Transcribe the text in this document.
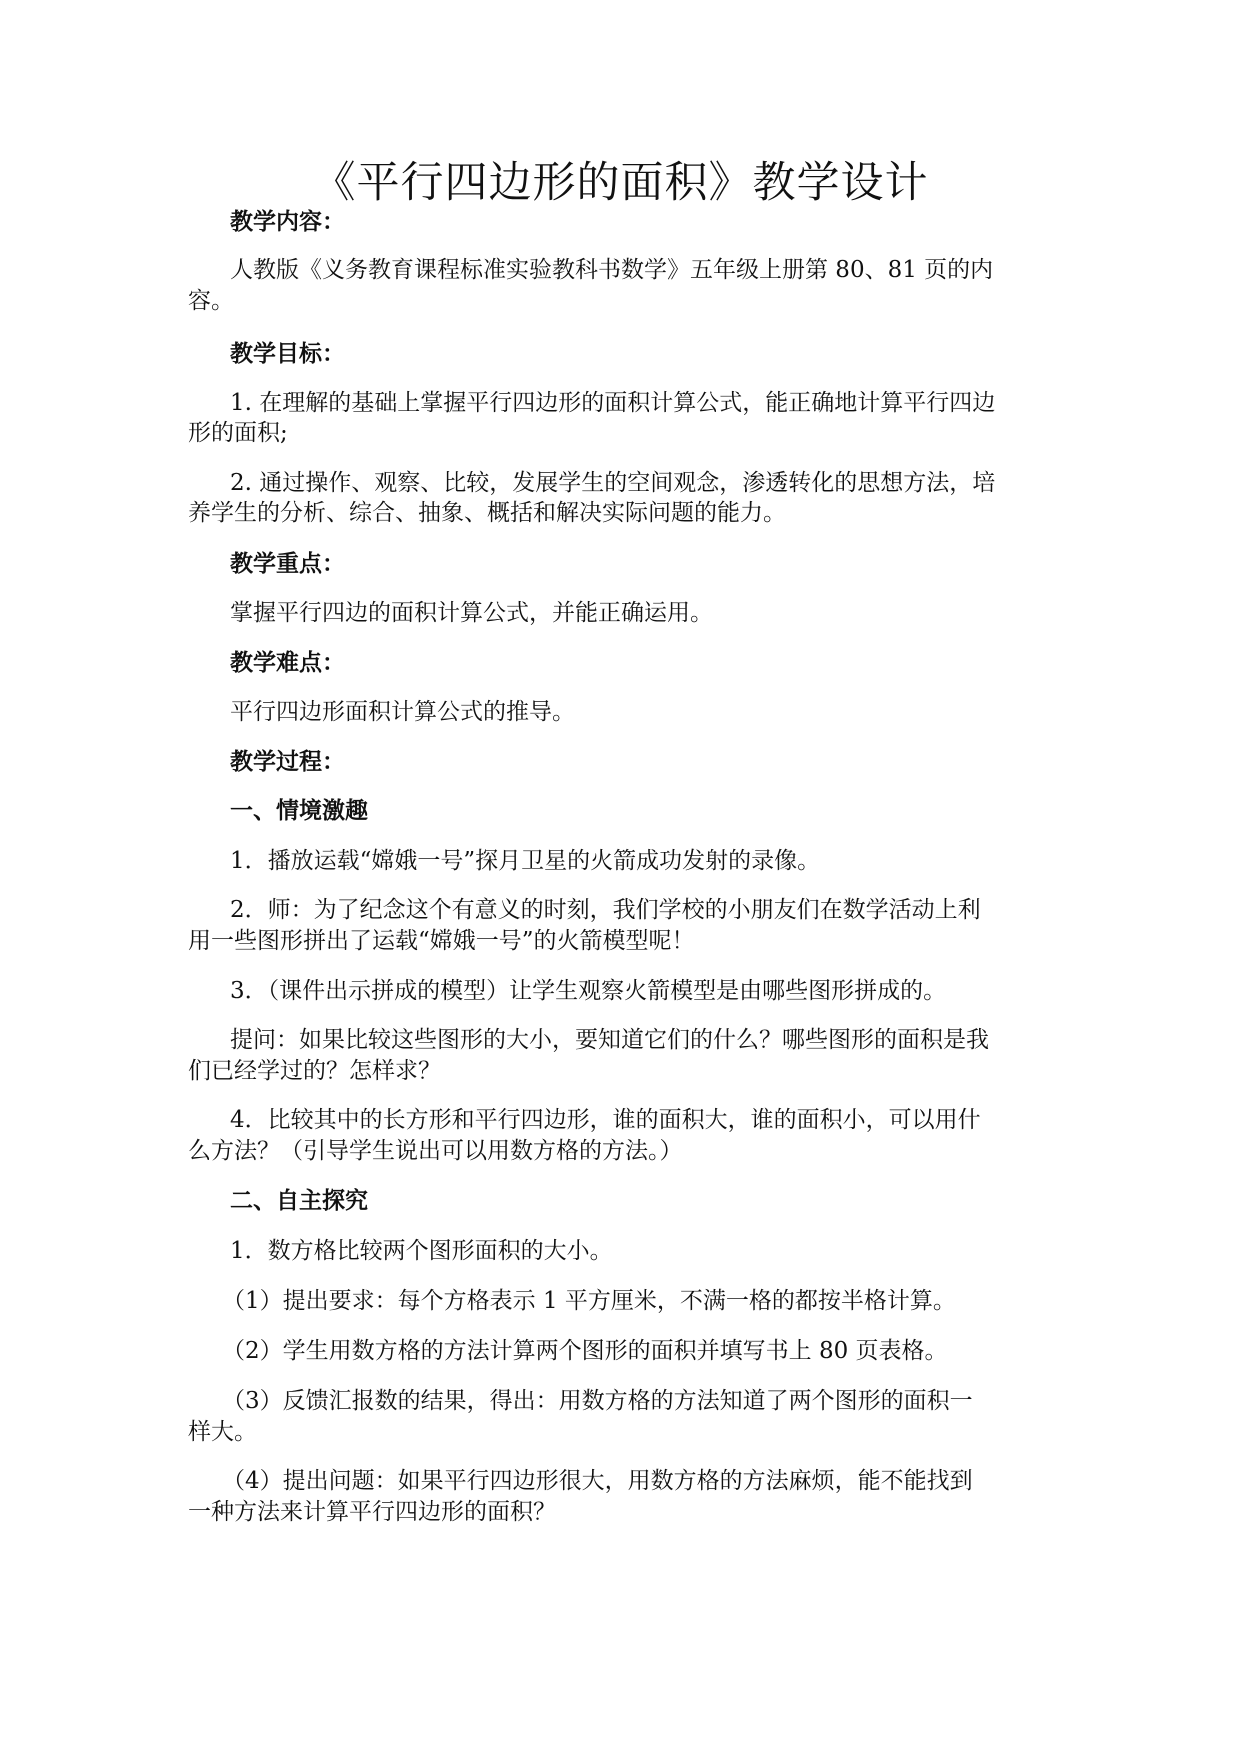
《平行四边形的面积》教学设计
教学内容：
人教版《义务教育课程标准实验教科书数学》五年级上册第 80、81 页的内
容。
教学目标：
1. 在理解的基础上掌握平行四边形的面积计算公式，能正确地计算平行四边
形的面积;
2. 通过操作、观察、比较，发展学生的空间观念，渗透转化的思想方法，培
养学生的分析、综合、抽象、概括和解决实际问题的能力。
教学重点：
掌握平行四边的面积计算公式，并能正确运用。
教学难点：
平行四边形面积计算公式的推导。
教学过程：
一、情境激趣
1．播放运载“嫦娥一号”探月卫星的火箭成功发射的录像。
2．师：为了纪念这个有意义的时刻，我们学校的小朋友们在数学活动上利
用一些图形拼出了运载“嫦娥一号”的火箭模型呢！
3．（课件出示拼成的模型）让学生观察火箭模型是由哪些图形拼成的。
提问：如果比较这些图形的大小，要知道它们的什么？哪些图形的面积是我
们已经学过的？怎样求？
4．比较其中的长方形和平行四边形，谁的面积大，谁的面积小，可以用什
么方法？（引导学生说出可以用数方格的方法。）
二、自主探究
1．数方格比较两个图形面积的大小。
（1）提出要求：每个方格表示 1 平方厘米，不满一格的都按半格计算。
（2）学生用数方格的方法计算两个图形的面积并填写书上 80 页表格。
（3）反馈汇报数的结果，得出：用数方格的方法知道了两个图形的面积一
样大。
（4）提出问题：如果平行四边形很大，用数方格的方法麻烦，能不能找到
一种方法来计算平行四边形的面积？
